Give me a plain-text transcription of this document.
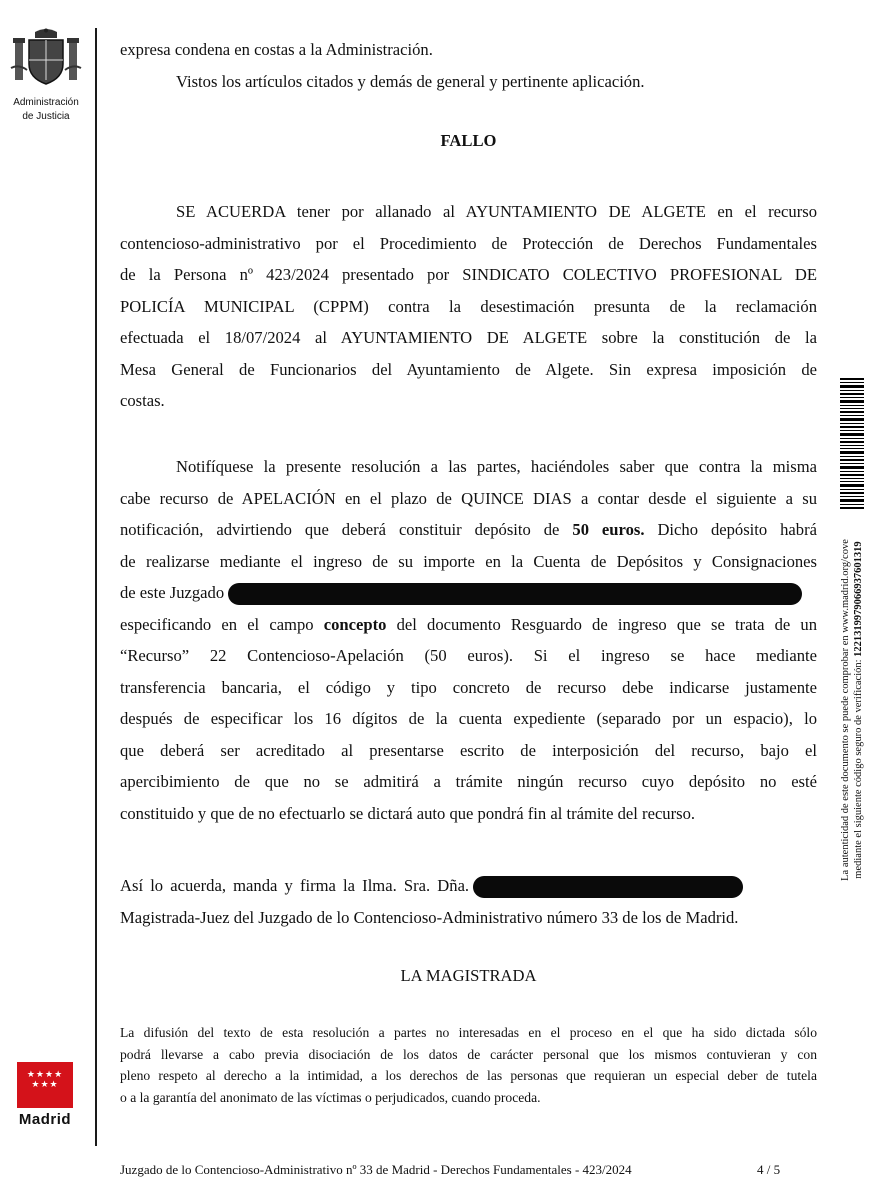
Administración
de Justicia

expresa condena en costas a la Administración.

Vistos los artículos citados y demás de general y pertinente aplicación.

FALLO

SE ACUERDA tener por allanado al AYUNTAMIENTO DE ALGETE en el recurso

contencioso-administrativo por el Procedimiento de Protección de Derechos Fundamentales

de la Persona nº 423/2024 presentado por SINDICATO COLECTIVO PROFESIONAL DE

POLICÍA MUNICIPAL (CPPM) contra la desestimación presunta de la reclamación

efectuada el 18/07/2024 al AYUNTAMIENTO DE ALGETE sobre la constitución de la

Mesa General de Funcionarios del Ayuntamiento de Algete. Sin expresa imposición de

costas.

Notifíquese la presente resolución a las partes, haciéndoles saber que contra la misma

cabe recurso de APELACIÓN en el plazo de QUINCE DIAS a contar desde el siguiente a su

notificación, advirtiendo que deberá constituir depósito de 50 euros. Dicho depósito habrá

de realizarse mediante el ingreso de su importe en la Cuenta de Depósitos y Consignaciones

de este Juzgado

especificando en el campo concepto del documento Resguardo de ingreso que se trata de un

“Recurso” 22 Contencioso-Apelación (50 euros). Si el ingreso se hace mediante

transferencia bancaria, el código y tipo concreto de recurso debe indicarse justamente

después de especificar los 16 dígitos de la cuenta expediente (separado por un espacio), lo

que deberá ser acreditado al presentarse escrito de interposición del recurso, bajo el

apercibimiento de que no se admitirá a trámite ningún recurso cuyo depósito no esté

constituido y que de no efectuarlo se dictará auto que pondrá fin al trámite del recurso.

Así lo acuerda, manda y firma la Ilma. Sra. Dña.

Magistrada-Juez del Juzgado de lo Contencioso-Administrativo número 33 de los de Madrid.

LA MAGISTRADA
La difusión del texto de esta resolución a partes no interesadas en el proceso en el que ha sido dictada sólo
podrá llevarse a cabo previa disociación de los datos de carácter personal que los mismos contuvieran y con
pleno respeto al derecho a la intimidad, a los derechos de las personas que requieran un especial deber de tutela
o a la garantía del anonimato de las víctimas o perjudicados, cuando proceda.
La autenticidad de este documento se puede comprobar en www.madrid.org/cove mediante el siguiente código seguro de verificación: 1221319979066937601319
★★★★
★★★
Madrid
Juzgado de lo Contencioso-Administrativo nº 33 de Madrid - Derechos Fundamentales - 423/2024	4 / 5
